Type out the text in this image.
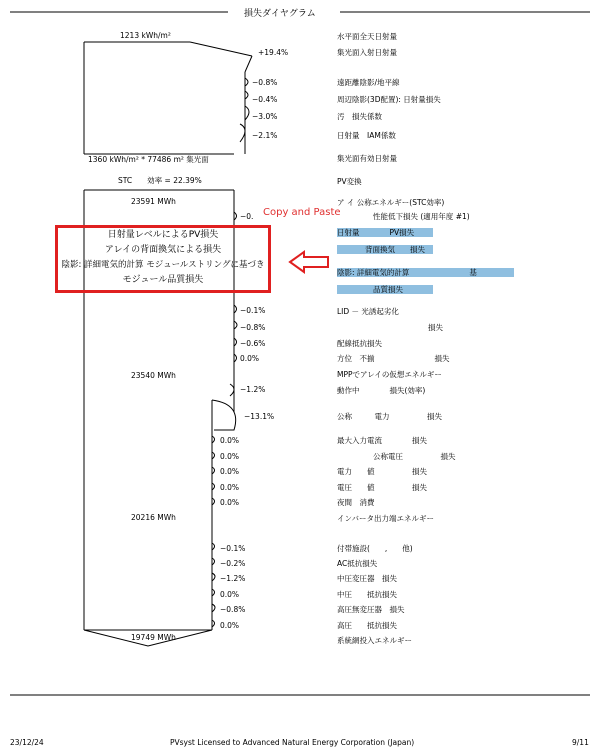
損失ダイヤグラム
1213 kWh/m²
1360 kWh/m² * 77486 m² 集光面
STC　　効率 = 22.39%
23591 MWh
23540 MWh
20216 MWh
19749 MWh
+19.4%
−0.8%
−0.4%
−3.0%
−2.1%
−0.
−0.1%
−0.8%
−0.6%
0.0%
−1.2%
−13.1%
0.0%
0.0%
0.0%
0.0%
0.0%
−0.1%
−0.2%
−1.2%
0.0%
−0.8%
0.0%
水平面全天日射量
集光面入射日射量
遠距離陰影/地平線
周辺陰影(3D配置): 日射量損失
汚　損失係数
日射量　IAM係数
集光面有効日射量
PV変換
ア イ 公称エネルギー(STC効率)
性能低下損失 (適用年度 #1)
日射量　　　　PV損失
背面換気　　損失
陰影: 詳細電気的計算　　　　　　　　基
品質損失
LID － 光誘起劣化
損失
配線抵抗損失
方位　不揃　　　　　　　　損失
MPPでアレイの仮想エネルギー
動作中　　　　損失(効率)
公称　　　電力　　　　　損失
最大入力電流　　　　損失
公称電圧　　　　　損失
電力　　値　　　　　損失
電圧　　値　　　　　損失
夜間　消費
インバータ出力端エネルギー
付帯施設(　　,　　他)
AC抵抗損失
中圧変圧器　損失
中圧　　抵抗損失
高圧無変圧器　損失
高圧　　抵抗損失
系統網投入エネルギー
Copy and Paste
日射量レベルによるPV損失
アレイの背面換気による損失
陰影: 詳細電気的計算 モジュールストリングに基づき
モジュール品質損失
23/12/24	PVsyst Licensed to Advanced Natural Energy Corporation (Japan)	9/11
